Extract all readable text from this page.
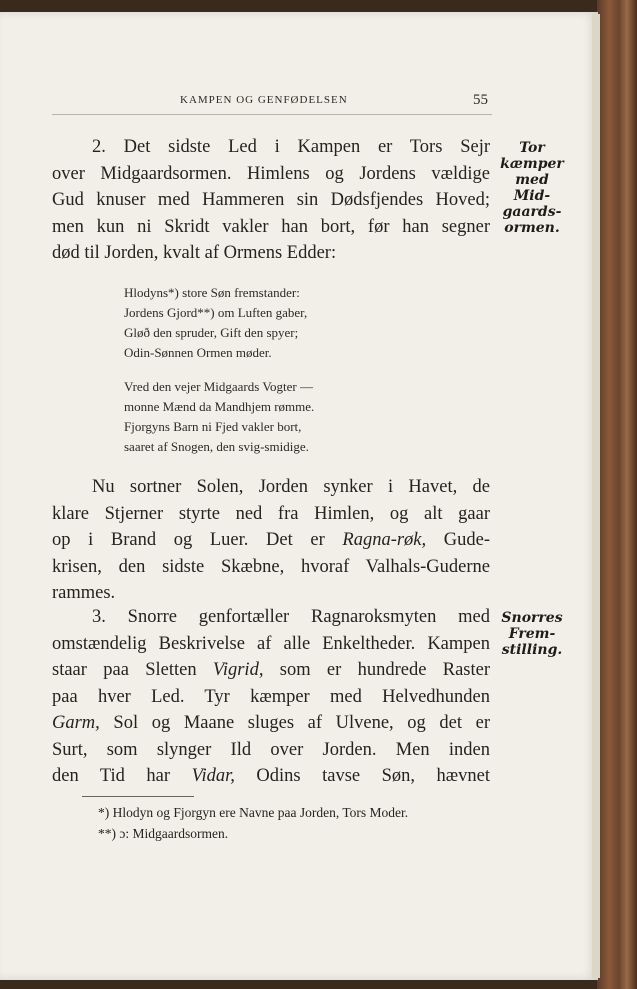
KAMPEN OG GENFØDELSEN	55
2. Det sidste Led i Kampen er Tors Sejr
over Midgaardsormen. Himlens og Jordens vældige
Gud knuser med Hammeren sin Dødsfjendes Hoved;
men kun ni Skridt vakler han bort, før han segner
død til Jorden, kvalt af Ormens Edder:
Tor
kæmper
med
Mid-
gaards-
ormen.
Hlodyns*) store Søn fremstander:
Jordens Gjord**) om Luften gaber,
Gløð den spruder, Gift den spyer;
Odin-Sønnen Ormen møder.
Vred den vejer Midgaards Vogter —
monne Mænd da Mandhjem rømme.
Fjorgyns Barn ni Fjed vakler bort,
saaret af Snogen, den svig-smidige.
Nu sortner Solen, Jorden synker i Havet, de
klare Stjerner styrte ned fra Himlen, og alt gaar
op i Brand og Luer. Det er Ragna-røk, Gude-
krisen, den sidste Skæbne, hvoraf Valhals-Guderne
rammes.
3. Snorre genfortæller Ragnaroksmyten med
omstændelig Beskrivelse af alle Enkeltheder. Kampen
staar paa Sletten Vigrid, som er hundrede Raster
paa hver Led. Tyr kæmper med Helvedhunden
Garm, Sol og Maane sluges af Ulvene, og det er
Surt, som slynger Ild over Jorden. Men inden
den Tid har Vidar, Odins tavse Søn, hævnet
Snorres
Frem-
stilling.
*) Hlodyn og Fjorgyn ere Navne paa Jorden, Tors Moder.
**) ɔ: Midgaardsormen.
